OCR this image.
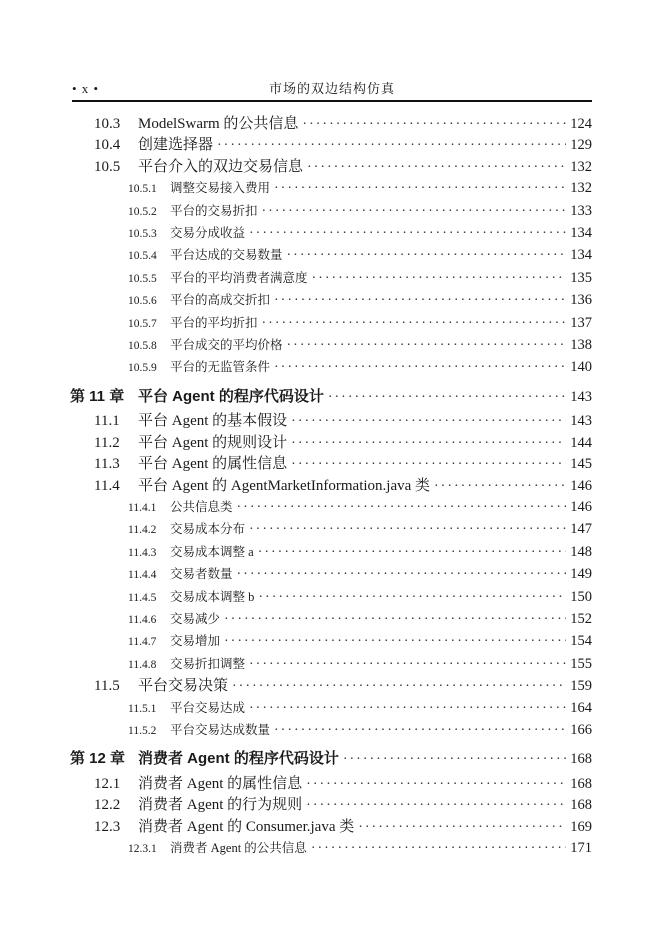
• x •	市场的双边结构仿真
10.3	ModelSwarm 的公共信息 ·····	124
10.4	创建选择器 ·····	129
10.5	平台介入的双边交易信息 ·····	132
10.5.1	调整交易接入费用 ·····	132
10.5.2	平台的交易折扣 ·····	133
10.5.3	交易分成收益 ·····	134
10.5.4	平台达成的交易数量 ·····	134
10.5.5	平台的平均消费者满意度 ·····	135
10.5.6	平台的高成交折扣 ·····	136
10.5.7	平台的平均折扣 ·····	137
10.5.8	平台成交的平均价格 ·····	138
10.5.9	平台的无监管条件 ·····	140
第 11 章 平台 Agent 的程序代码设计 ·····	143
11.1	平台 Agent 的基本假设 ·····	143
11.2	平台 Agent 的规则设计 ·····	144
11.3	平台 Agent 的属性信息 ·····	145
11.4	平台 Agent 的 AgentMarketInformation.java 类 ·····	146
11.4.1	公共信息类 ·····	146
11.4.2	交易成本分布 ·····	147
11.4.3	交易成本调整 a ·····	148
11.4.4	交易者数量 ·····	149
11.4.5	交易成本调整 b ·····	150
11.4.6	交易减少 ·····	152
11.4.7	交易增加 ·····	154
11.4.8	交易折扣调整 ·····	155
11.5	平台交易决策 ·····	159
11.5.1	平台交易达成 ·····	164
11.5.2	平台交易达成数量 ·····	166
第 12 章 消费者 Agent 的程序代码设计 ·····	168
12.1	消费者 Agent 的属性信息 ·····	168
12.2	消费者 Agent 的行为规则 ·····	168
12.3	消费者 Agent 的 Consumer.java 类 ·····	169
12.3.1	消费者 Agent 的公共信息 ·····	171
